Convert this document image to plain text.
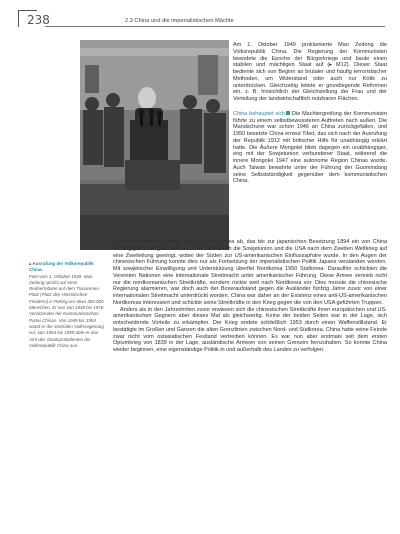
238	2.3 China und die imperialistischen Mächte
▴ Ausrufung der Volksrepublik China.
Foto vom 1. Oktober 1949. Mao Zedong spricht auf einer Rednertribüne auf dem Tiananmen-Platz (Platz des Himmlischen Friedens) in Peking vor etwa 300 000 Menschen. Er war von 1949 bis 1976 Vorsitzender der Kommunistischen Partei Chinas. Von 1949 bis 1954 stand er der zentralen Volksregierung vor, von 1954 bis 1959 übte er das Amt des Staatspräsidenten der Volksrepublik China aus.

Am 1. Oktober 1949 proklamierte Mao Zedong die Volksrepublik China. Die Regierung der Kommunisten beendete die Epoche der Bürgerkriege und baute einen stabilen und mächtigen Staat auf (▸ M12). Dieser Staat bediente sich von Beginn an brutaler und häufig terroristischer Methoden, um Widerstand oder auch nur Kritik zu unterdrücken. Gleichzeitig leitete er grundlegende Reformen ein, z. B. hinsichtlich der Gleichstellung der Frau und der Verteilung der landwirtschaftlich nutzbaren Flächen.

China behauptet sich Die Machtergreifung der Kommunisten führte zu einem selbstbewussteren Auftreten nach außen. Die Mandschurei war schon 1946 an China zurückgefallen, und 1950 besetzte China erneut Tibet, das sich nach der Ausrufung der Republik 1912 mit britischer Hilfe für unabhängig erklärt hatte. Die Äußere Mongolei blieb dagegen ein unabhängiger, eng mit der Sowjetunion verbundener Staat, während die innere Mongolei 1947 eine autonome Region Chinas wurde. Auch Taiwan bewahrte unter der Führung der Guomindang seine Selbstständigkeit gegenüber dem kommunistischen China.

Der entscheidende Konflikt spielte sich in Korea ab, das bis zur japanischen Besetzung 1894 ein von China abhängiger Staat gewesen war. Hier hatten sich die Sowjetunion und die USA nach dem Zweiten Weltkrieg auf eine Zweiteilung geeinigt, wobei der Süden zur US-amerikanischen Einflusssphäre wurde. In den Augen der chinesischen Führung konnte dies nur als Fortsetzung der imperialistischen Politik Japans verstanden werden. Mit sowjetischer Einwilligung und Unterstützung überfiel Nordkorea 1950 Südkorea. Daraufhin schickten die Vereinten Nationen eine internationale Streitmacht unter amerikanischer Führung. Diese Armee vertrieb nicht nur die nordkoreanischen Streitkräfte, sondern rückte weit nach Nordkorea vor. Dies musste die chinesische Regierung alarmieren, war doch auch der Boxeraufstand gegen die Ausländer fünfzig Jahre zuvor von einer internationalen Streitmacht unterdrückt worden. China war daher an der Existenz eines anti-US-amerikanischen Nordkoreas interessiert und schickte seine Streitkräfte in den Krieg gegen die von den USA geführten Truppen.

Anders als in den Jahrzehnten zuvor erwiesen sich die chinesischen Streitkräfte ihren europäischen und US-amerikanischen Gegnern aber dieses Mal als gleichwertig. Keine der beiden Seiten war in der Lage, sich entscheidende Vorteile zu erkämpfen. Der Krieg endete schließlich 1953 durch einen Waffenstillstand. Er bestätigte im Großen und Ganzen die alten Grenzlinien zwischen Nord- und Südkorea. China hatte seine Feinde zwar nicht vom ostasiatischen Festland vertreiben können. Es war nun aber erstmals seit dem ersten Opiumkrieg von 1839 in der Lage, ausländische Armeen von seinen Grenzen fernzuhalten. So konnte China wieder beginnen, eine eigenständige Politik in und außerhalb des Landes zu verfolgen.
